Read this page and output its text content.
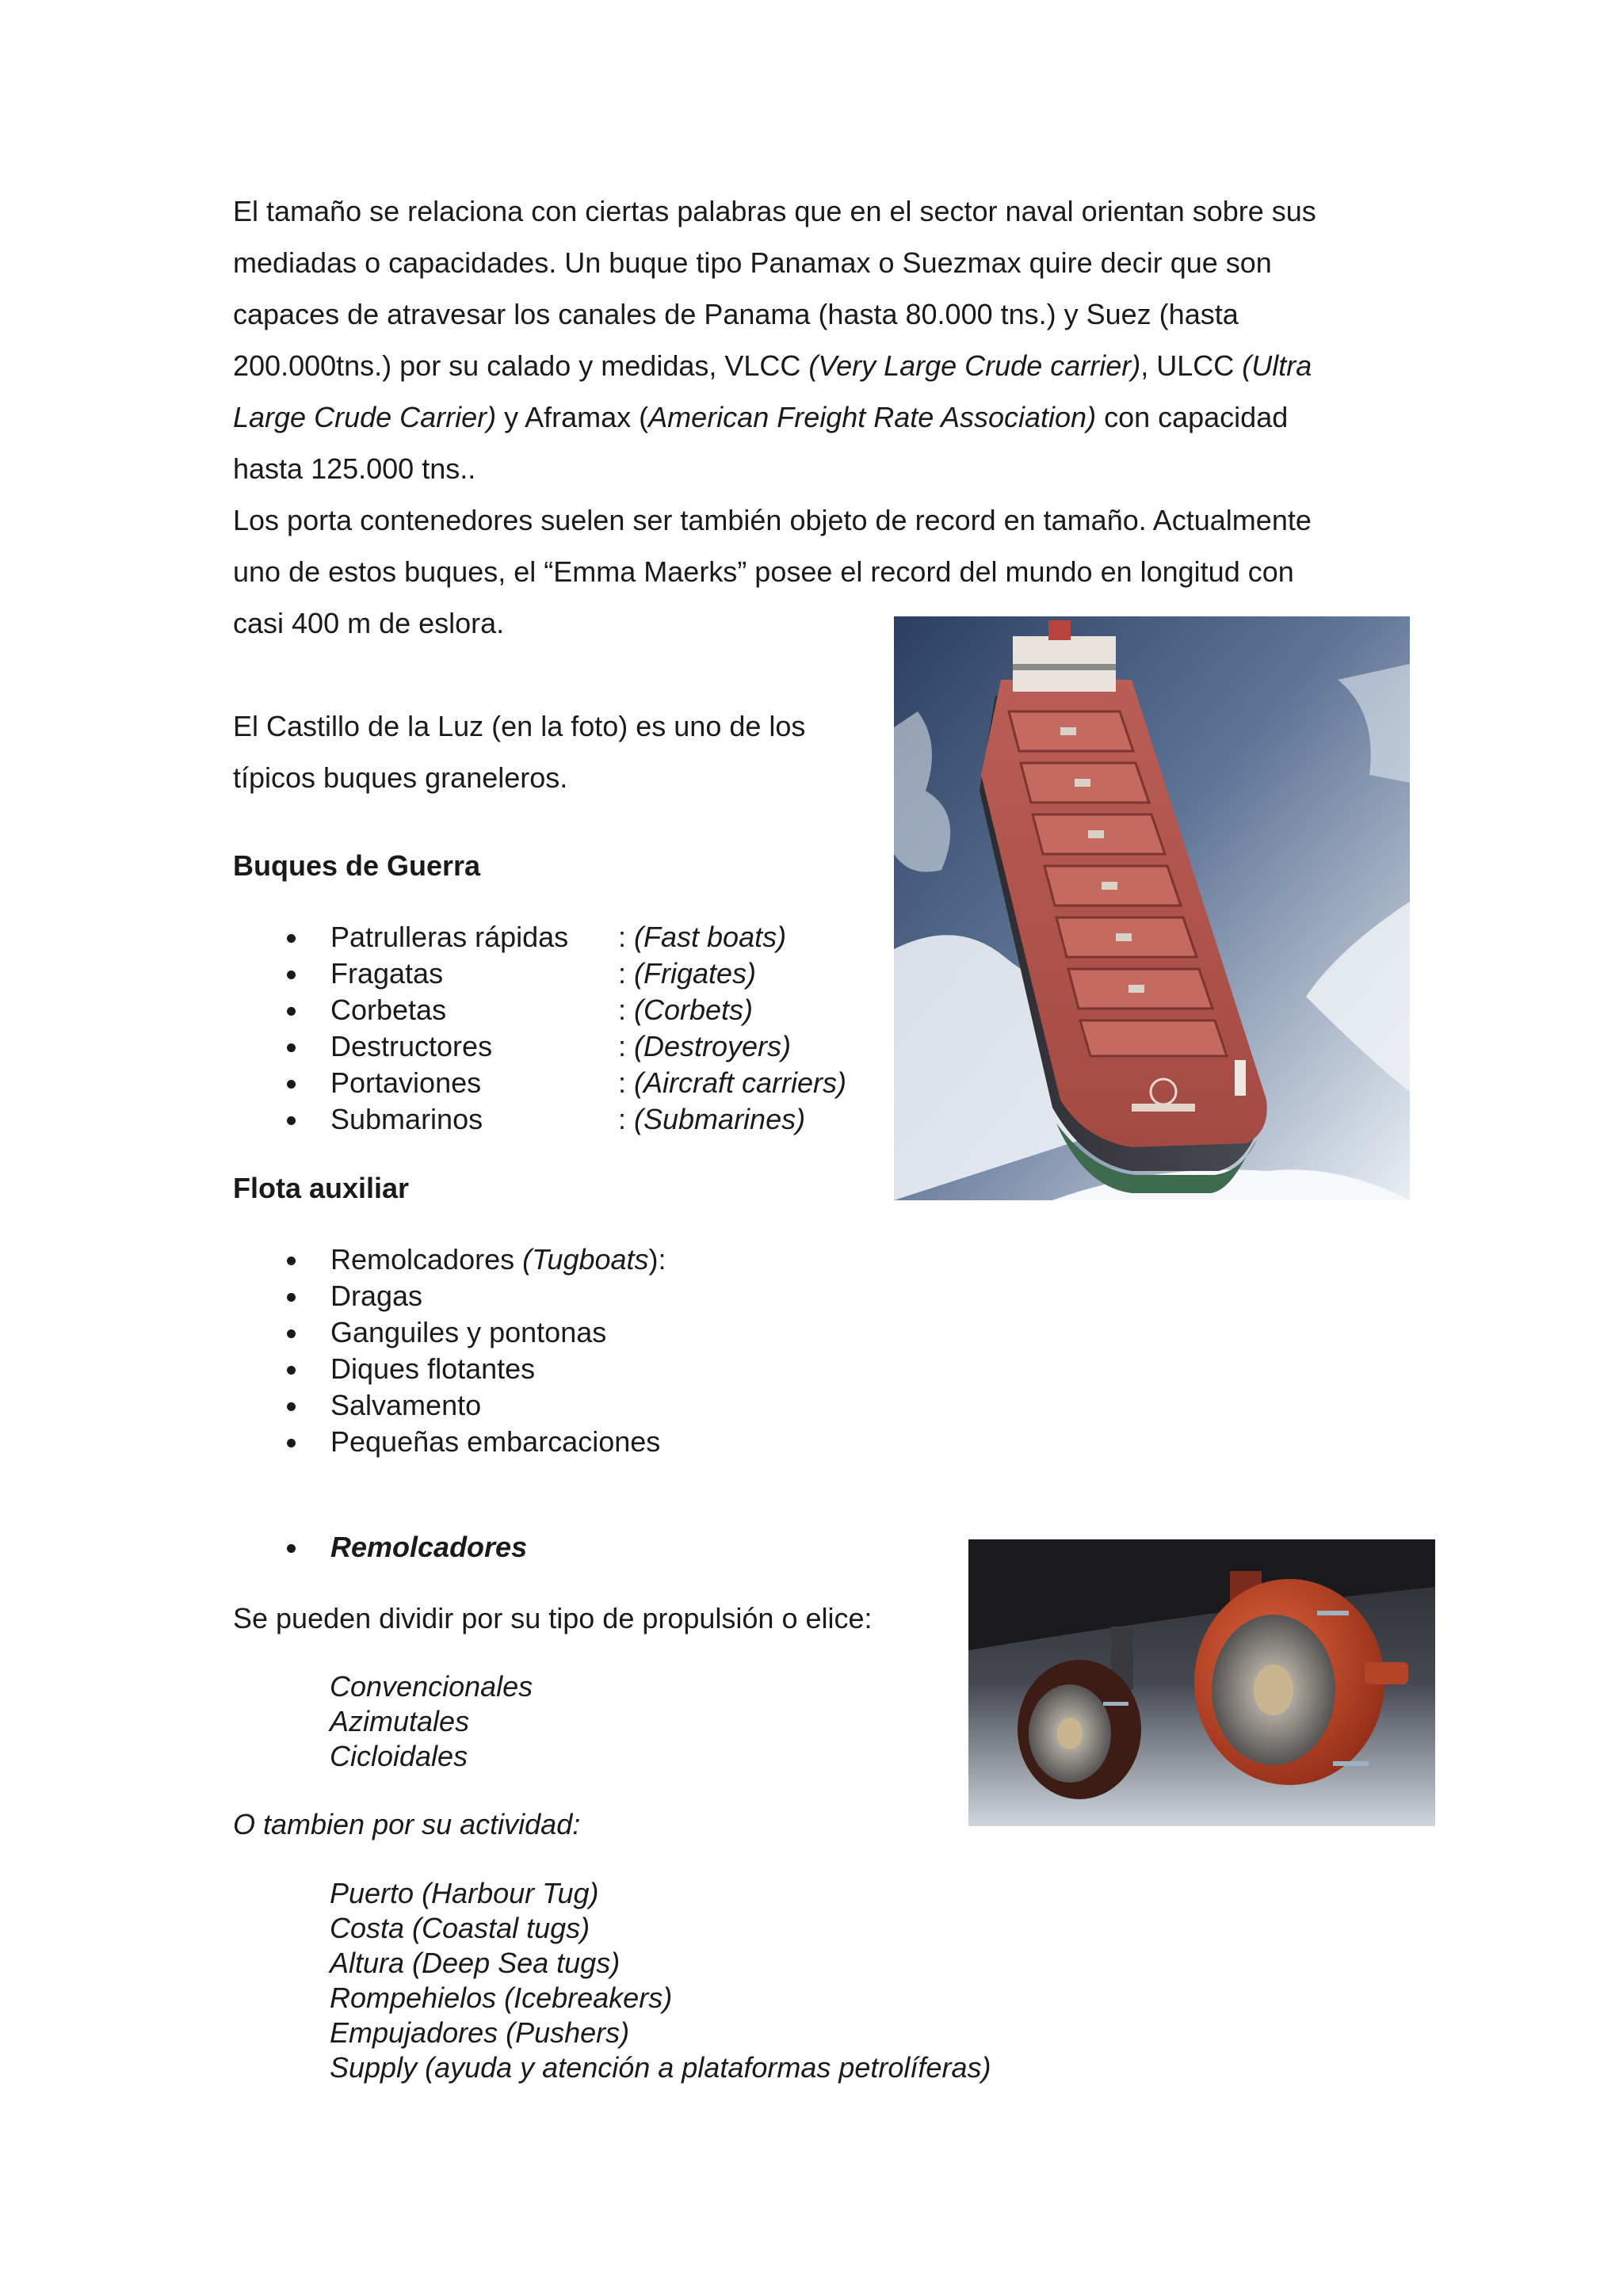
El tamaño se relaciona con ciertas palabras que en el sector naval orientan sobre sus
mediadas o capacidades. Un buque tipo Panamax o Suezmax quire decir que son
capaces de atravesar los canales de Panama (hasta 80.000 tns.) y Suez (hasta
200.000tns.) por su calado y medidas, VLCC (Very Large Crude carrier), ULCC (Ultra
Large Crude Carrier) y Aframax (American Freight Rate Association) con capacidad
hasta 125.000 tns..
Los porta contenedores suelen ser también objeto de record en tamaño. Actualmente
uno de estos buques, el “Emma Maerks” posee el record del mundo en longitud con
casi 400 m de eslora.

El Castillo de la Luz (en la foto) es uno de los
típicos buques graneleros.

Buques de Guerra
Patrulleras rápidas : (Fast boats)
Fragatas	: (Frigates)
Corbetas	: (Corbets)
Destructores	: (Destroyers)
Portaviones	: (Aircraft carriers)
Submarinos	: (Submarines)
Flota auxiliar
Remolcadores (Tugboats):
Dragas
Ganguiles y pontonas
Diques flotantes
Salvamento
Pequeñas embarcaciones
Remolcadores

Se pueden dividir por su tipo de propulsión o elice:

Convencionales
Azimutales
Cicloidales

O tambien por su actividad:

Puerto (Harbour Tug)
Costa (Coastal tugs)
Altura (Deep Sea tugs)
Rompehielos (Icebreakers)
Empujadores (Pushers)
Supply (ayuda y atención a plataformas petrolíferas)
